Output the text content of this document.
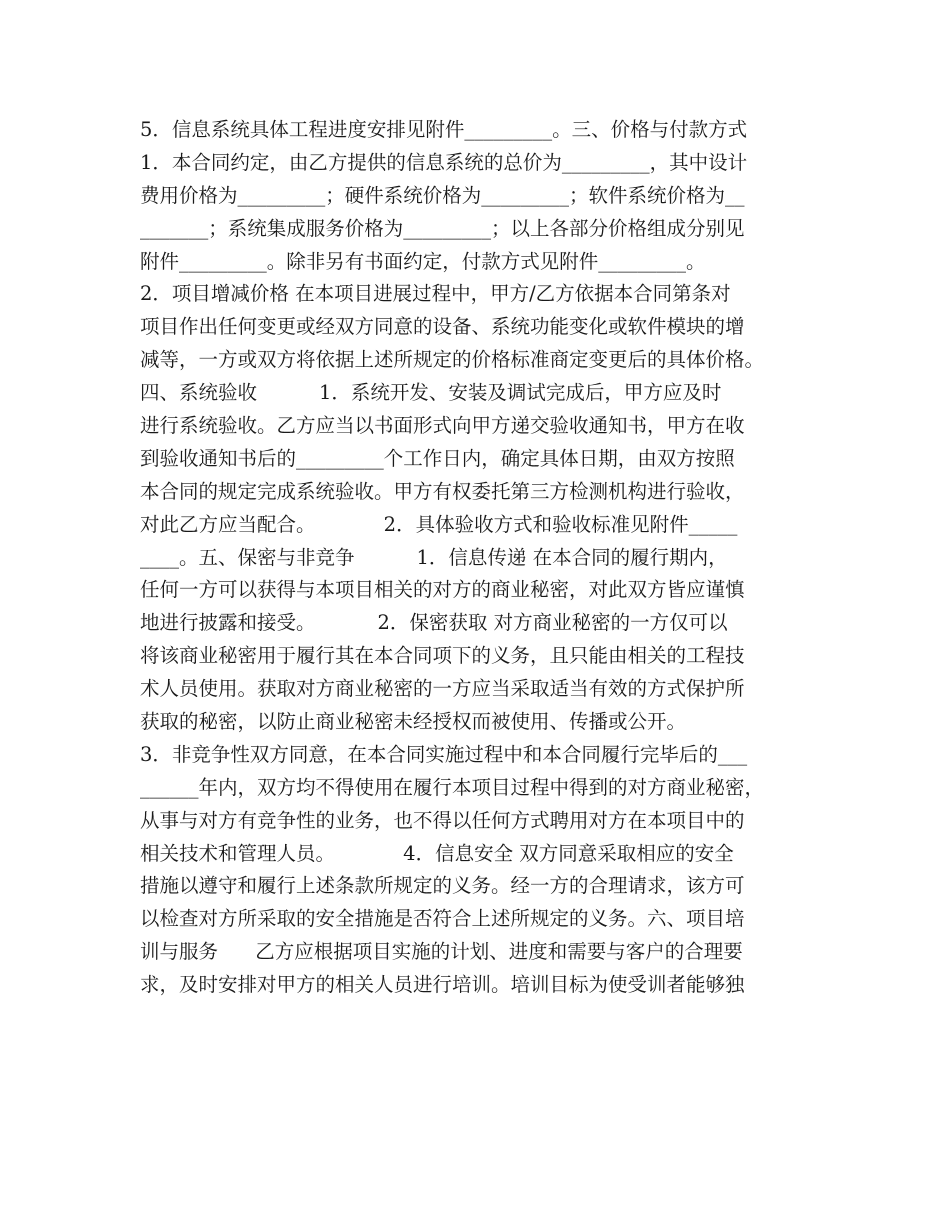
5．信息系统具体工程进度安排见附件_________。三、价格与付款方式
1．本合同约定，由乙方提供的信息系统的总价为_________，其中设计
费用价格为_________；硬件系统价格为_________；软件系统价格为__
_______；系统集成服务价格为_________；以上各部分价格组成分别见
附件_________。除非另有书面约定，付款方式见附件_________。
2．项目增减价格 在本项目进展过程中，甲方/乙方依据本合同第条对
项目作出任何变更或经双方同意的设备、系统功能变化或软件模块的增
减等，一方或双方将依据上述所规定的价格标准商定变更后的具体价格。
四、系统验收          1．系统开发、安装及调试完成后，甲方应及时
进行系统验收。乙方应当以书面形式向甲方递交验收通知书，甲方在收
到验收通知书后的_________个工作日内，确定具体日期，由双方按照
本合同的规定完成系统验收。甲方有权委托第三方检测机构进行验收，
对此乙方应当配合。           2．具体验收方式和验收标准见附件_____
____。五、保密与非竞争          1．信息传递 在本合同的履行期内，
任何一方可以获得与本项目相关的对方的商业秘密，对此双方皆应谨慎
地进行披露和接受。          2．保密获取 对方商业秘密的一方仅可以
将该商业秘密用于履行其在本合同项下的义务，且只能由相关的工程技
术人员使用。获取对方商业秘密的一方应当采取适当有效的方式保护所
获取的秘密，以防止商业秘密未经授权而被使用、传播或公开。
3．非竞争性双方同意，在本合同实施过程中和本合同履行完毕后的___
______年内，双方均不得使用在履行本项目过程中得到的对方商业秘密，
从事与对方有竞争性的业务，也不得以任何方式聘用对方在本项目中的
相关技术和管理人员。           4．信息安全 双方同意采取相应的安全
措施以遵守和履行上述条款所规定的义务。经一方的合理请求，该方可
以检查对方所采取的安全措施是否符合上述所规定的义务。六、项目培
训与服务      乙方应根据项目实施的计划、进度和需要与客户的合理要
求，及时安排对甲方的相关人员进行培训。培训目标为使受训者能够独
